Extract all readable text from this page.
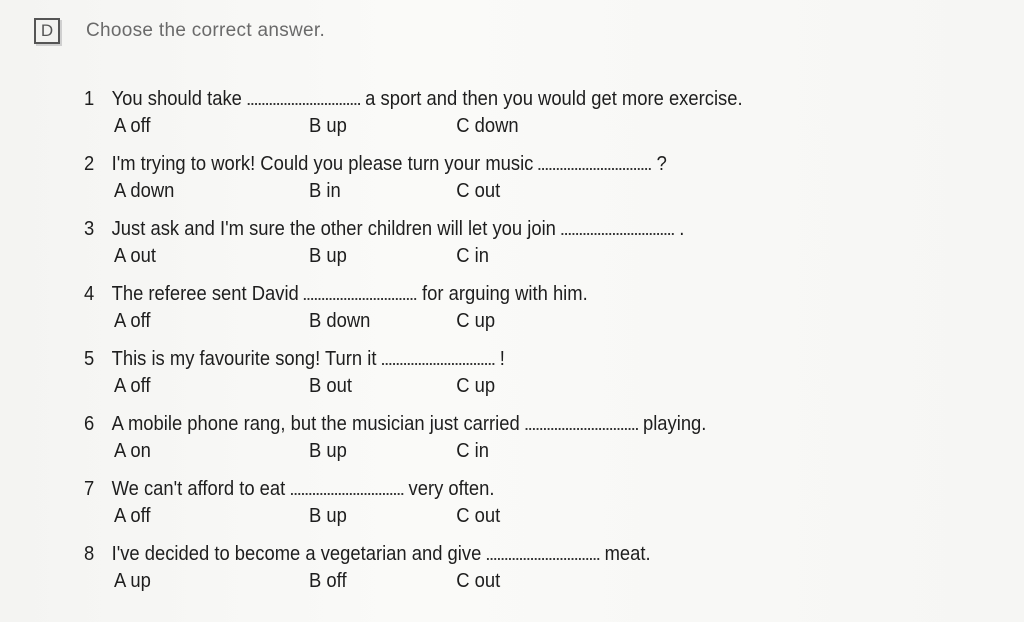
D	Choose the correct answer.
1 You should take	a sport and then you would get more exercise.
A off	B up	C down
2 I'm trying to work! Could you please turn your music	?
A down	B in	C out
3 Just ask and I'm sure the other children will let you join	.
A out	B up	C in
4 The referee sent David	for arguing with him.
A off	B down	C up
5 This is my favourite song! Turn it	!
A off	B out	C up
6 A mobile phone rang, but the musician just carried	playing.
A on	B up	C in
7 We can't afford to eat	very often.
A off	B up	C out
8 I've decided to become a vegetarian and give	meat.
A up	B off	C out
